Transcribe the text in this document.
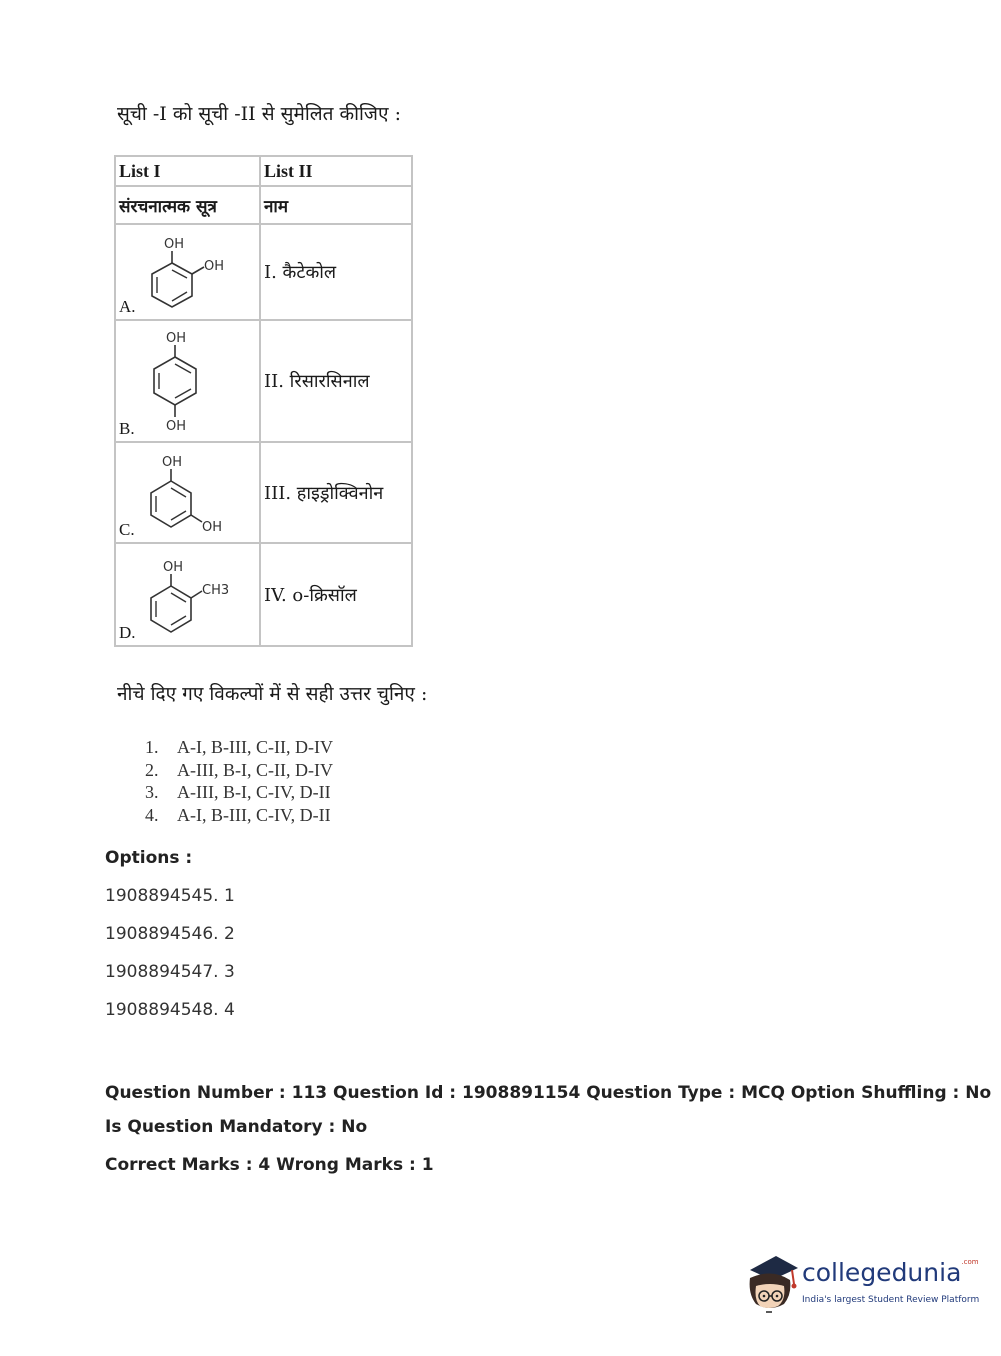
सूची -I को सूची -II से सुमेलित कीजिए :
List I	List II
संरचनात्मक सूत्र	नाम

OH
OH
A.	I. कैटेकोल

OH
OH
B.	II. रिसारसिनाल

OH
OH
C.	III. हाइड्रोक्विनोन

OH
CH3
D.	IV. o-क्रिसॉल
नीचे दिए गए विकल्पों में से सही उत्तर चुनिए :
1. A-I, B-III, C-II, D-IV
2. A-III, B-I, C-II, D-IV
3. A-III, B-I, C-IV, D-II
4. A-I, B-III, C-IV, D-II
Options :
1908894545. 1
1908894546. 2
1908894547. 3
1908894548. 4
Question Number : 113 Question Id : 1908891154 Question Type : MCQ Option Shuffling : No
Is Question Mandatory : No
Correct Marks : 4 Wrong Marks : 1
collegedunia$^{.com}$
India's largest Student Review Platform
